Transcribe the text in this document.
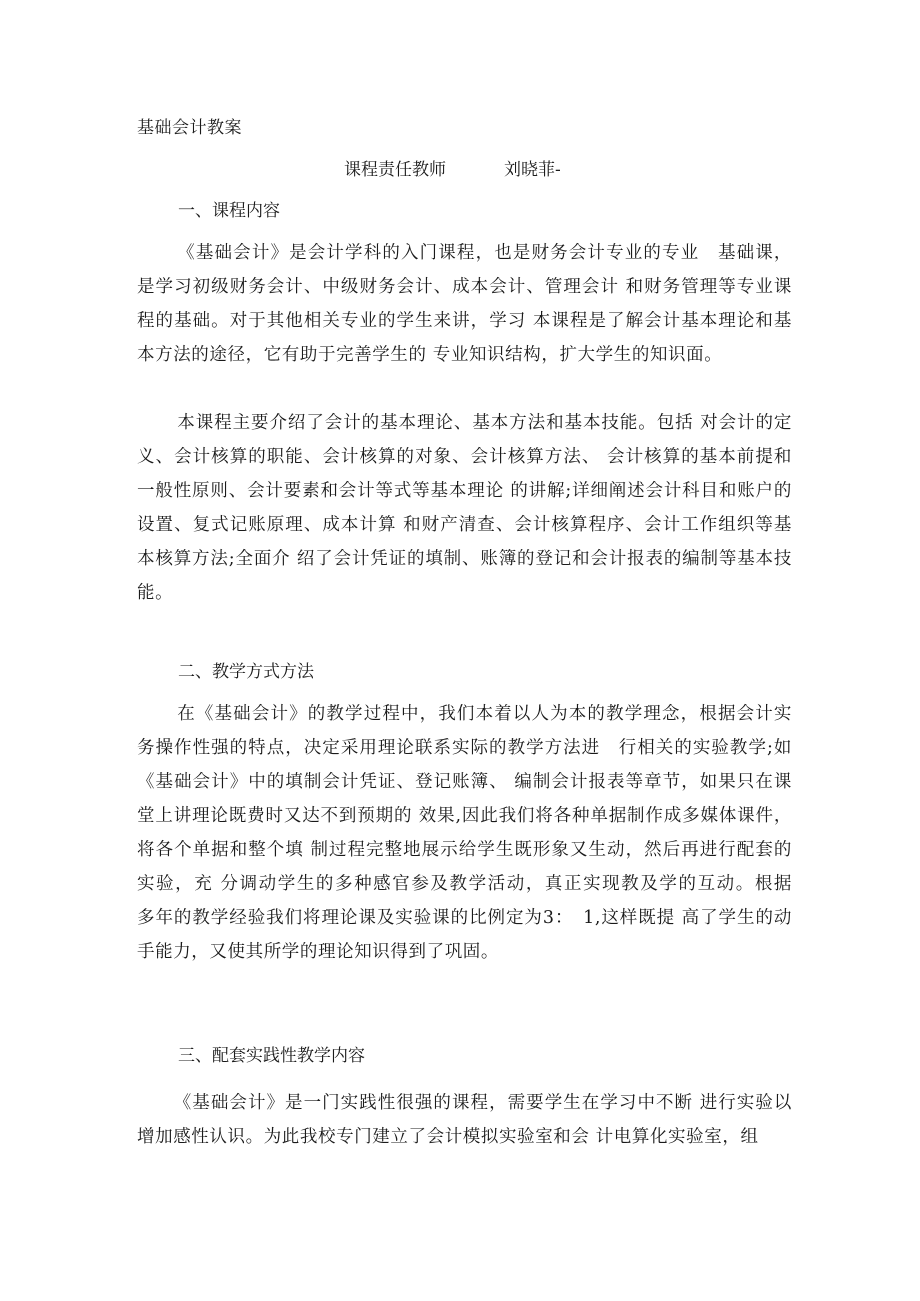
基础会计教案
课程责任教师	刘晓菲-
一、课程内容

《基础会计》是会计学科的入门课程，也是财务会计专业的专业　基础课，是学习初级财务会计、中级财务会计、成本会计、管理会计 和财务管理等专业课程的基础。对于其他相关专业的学生来讲，学习 本课程是了解会计基本理论和基本方法的途径，它有助于完善学生的 专业知识结构，扩大学生的知识面。

本课程主要介绍了会计的基本理论、基本方法和基本技能。包括 对会计的定义、会计核算的职能、会计核算的对象、会计核算方法、 会计核算的基本前提和一般性原则、会计要素和会计等式等基本理论 的讲解;详细阐述会计科目和账户的设置、复式记账原理、成本计算 和财产清查、会计核算程序、会计工作组织等基本核算方法;全面介 绍了会计凭证的填制、账簿的登记和会计报表的编制等基本技能。

二、教学方式方法

在《基础会计》的教学过程中，我们本着以人为本的教学理念，根据会计实务操作性强的特点，决定采用理论联系实际的教学方法进　行相关的实验教学;如《基础会计》中的填制会计凭证、登记账簿、 编制会计报表等章节，如果只在课堂上讲理论既费时又达不到预期的 效果,因此我们将各种单据制作成多媒体课件，将各个单据和整个填 制过程完整地展示给学生既形象又生动，然后再进行配套的实验，充 分调动学生的多种感官参及教学活动，真正实现教及学的互动。根据　多年的教学经验我们将理论课及实验课的比例定为3：　1,这样既提 高了学生的动手能力，又使其所学的理论知识得到了巩固。

三、配套实践性教学内容

《基础会计》是一门实践性很强的课程，需要学生在学习中不断 进行实验以增加感性认识。为此我校专门建立了会计模拟实验室和会 计电算化实验室，组
